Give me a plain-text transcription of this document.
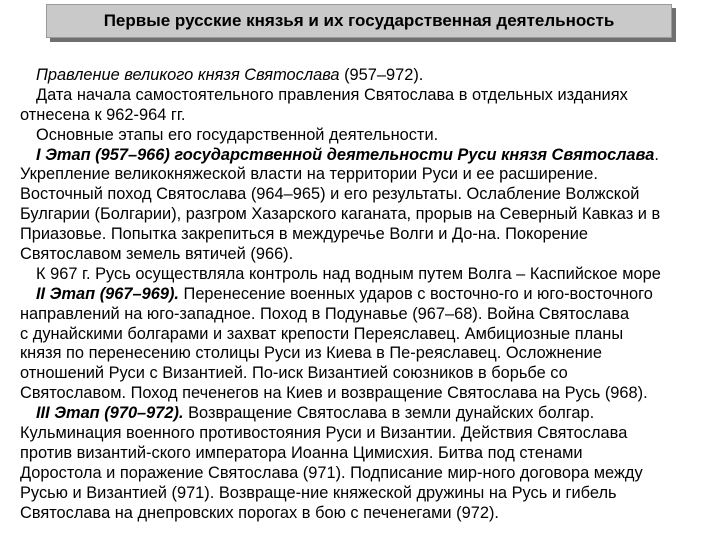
Первые русские князья и их государственная деятельность
Правление великого князя Святослава (957–972).
Дата начала самостоятельного правления Святослава в отдельных изданиях
отнесена к 962-964 гг.
Основные этапы его государственной деятельности.
I Этап (957–966) государственной деятельности Руси князя Святослава.
Укрепление великокняжеской власти на территории Руси и ее расширение.
Восточный поход Святослава (964–965) и его результаты. Ослабление Волжской
Булгарии (Болгарии), разгром Хазарского каганата, прорыв на Северный Кавказ и в
Приазовье. Попытка закрепиться в междуречье Волги и До-на. Покорение
Святославом земель вятичей (966).
К 967 г. Русь осуществляла контроль над водным путем Волга – Каспийское море
II Этап (967–969). Перенесение военных ударов с восточно-го и юго-восточного
направлений на юго-западное. Поход в Подунавье (967–68). Война Святослава
с дунайскими болгарами и захват крепости Переяславец. Амбициозные планы
князя по перенесению столицы Руси из Киева в Пе-реяславец. Осложнение
отношений Руси с Византией. По-иск Византией союзников в борьбе со
Святославом. Поход печенегов на Киев и возвращение Святослава на Русь (968).
III Этап (970–972). Возвращение Святослава в земли дунайских болгар.
Кульминация военного противостояния Руси и Византии. Действия Святослава
против византий-ского императора Иоанна Цимисхия. Битва под стенами
Доростола и поражение Святослава (971). Подписание мир-ного договора между
Русью и Византией (971). Возвраще-ние княжеской дружины на Русь и гибель
Святослава на днепровских порогах в бою с печенегами (972).
